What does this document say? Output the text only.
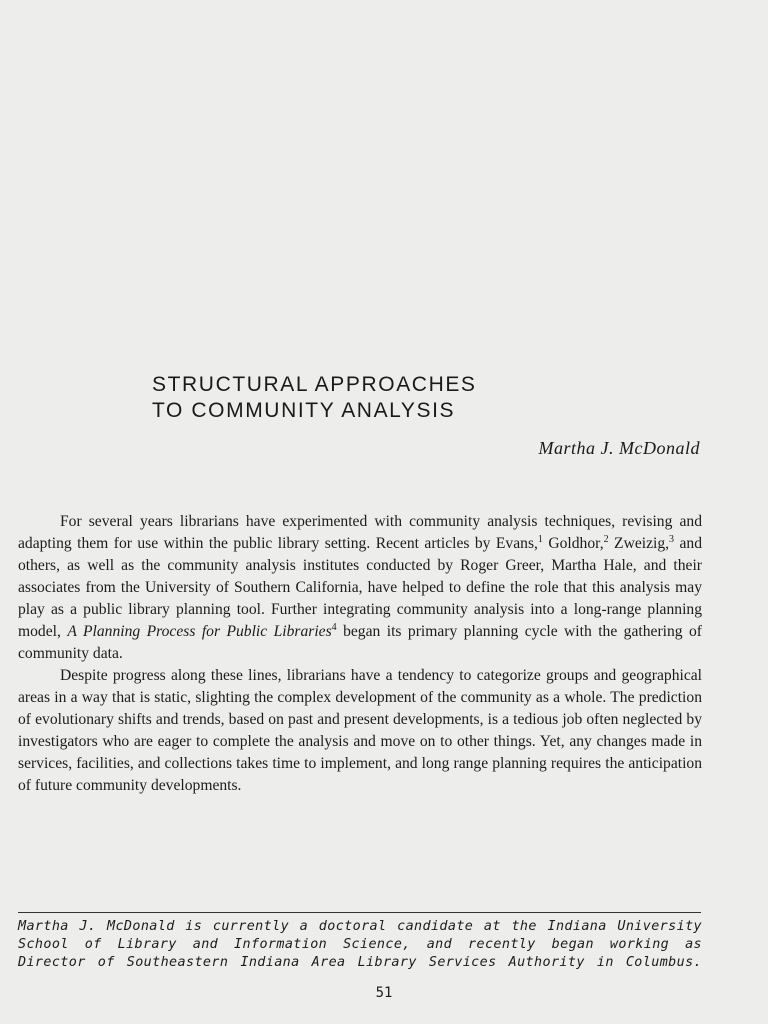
STRUCTURAL APPROACHES
TO COMMUNITY ANALYSIS
Martha J. McDonald

For several years librarians have experimented with community analysis techniques, revising and adapting them for use within the public library setting. Recent articles by Evans,$^1$ Goldhor,$^2$ Zweizig,$^3$ and others, as well as the community analysis institutes conducted by Roger Greer, Martha Hale, and their associates from the University of Southern California, have helped to define the role that this analysis may play as a public library planning tool. Further integrating community analysis into a long-range planning model, A Planning Process for Public Libraries$^4$ began its primary planning cycle with the gathering of community data.

Despite progress along these lines, librarians have a tendency to categorize groups and geographical areas in a way that is static, slighting the complex development of the community as a whole. The prediction of evolutionary shifts and trends, based on past and present developments, is a tedious job often neglected by investigators who are eager to complete the analysis and move on to other things. Yet, any changes made in services, facilities, and collections takes time to implement, and long range planning requires the anticipation of future community developments.

Martha J. McDonald is currently a doctoral candidate at the Indiana University
School of Library and Information Science, and recently began working as
Director of Southeastern Indiana Area Library Services Authority in Columbus.
51
